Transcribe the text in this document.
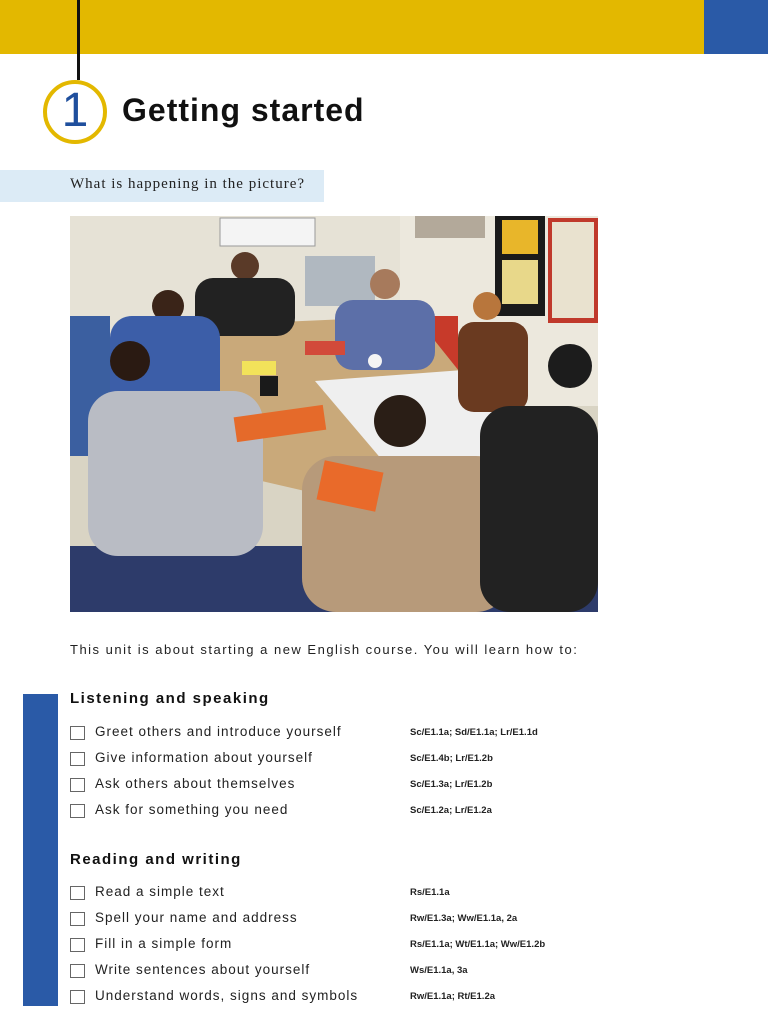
1 Getting started
What is happening in the picture?
This unit is about starting a new English course. You will learn how to:
Listening and speaking
Greet others and introduce yourself	Sc/E1.1a; Sd/E1.1a; Lr/E1.1d
Give information about yourself	Sc/E1.4b; Lr/E1.2b
Ask others about themselves	Sc/E1.3a; Lr/E1.2b
Ask for something you need	Sc/E1.2a; Lr/E1.2a
Reading and writing
Read a simple text	Rs/E1.1a
Spell your name and address	Rw/E1.3a; Ww/E1.1a, 2a
Fill in a simple form	Rs/E1.1a; Wt/E1.1a; Ww/E1.2b
Write sentences about yourself	Ws/E1.1a, 3a
Understand words, signs and symbols	Rw/E1.1a; Rt/E1.2a
